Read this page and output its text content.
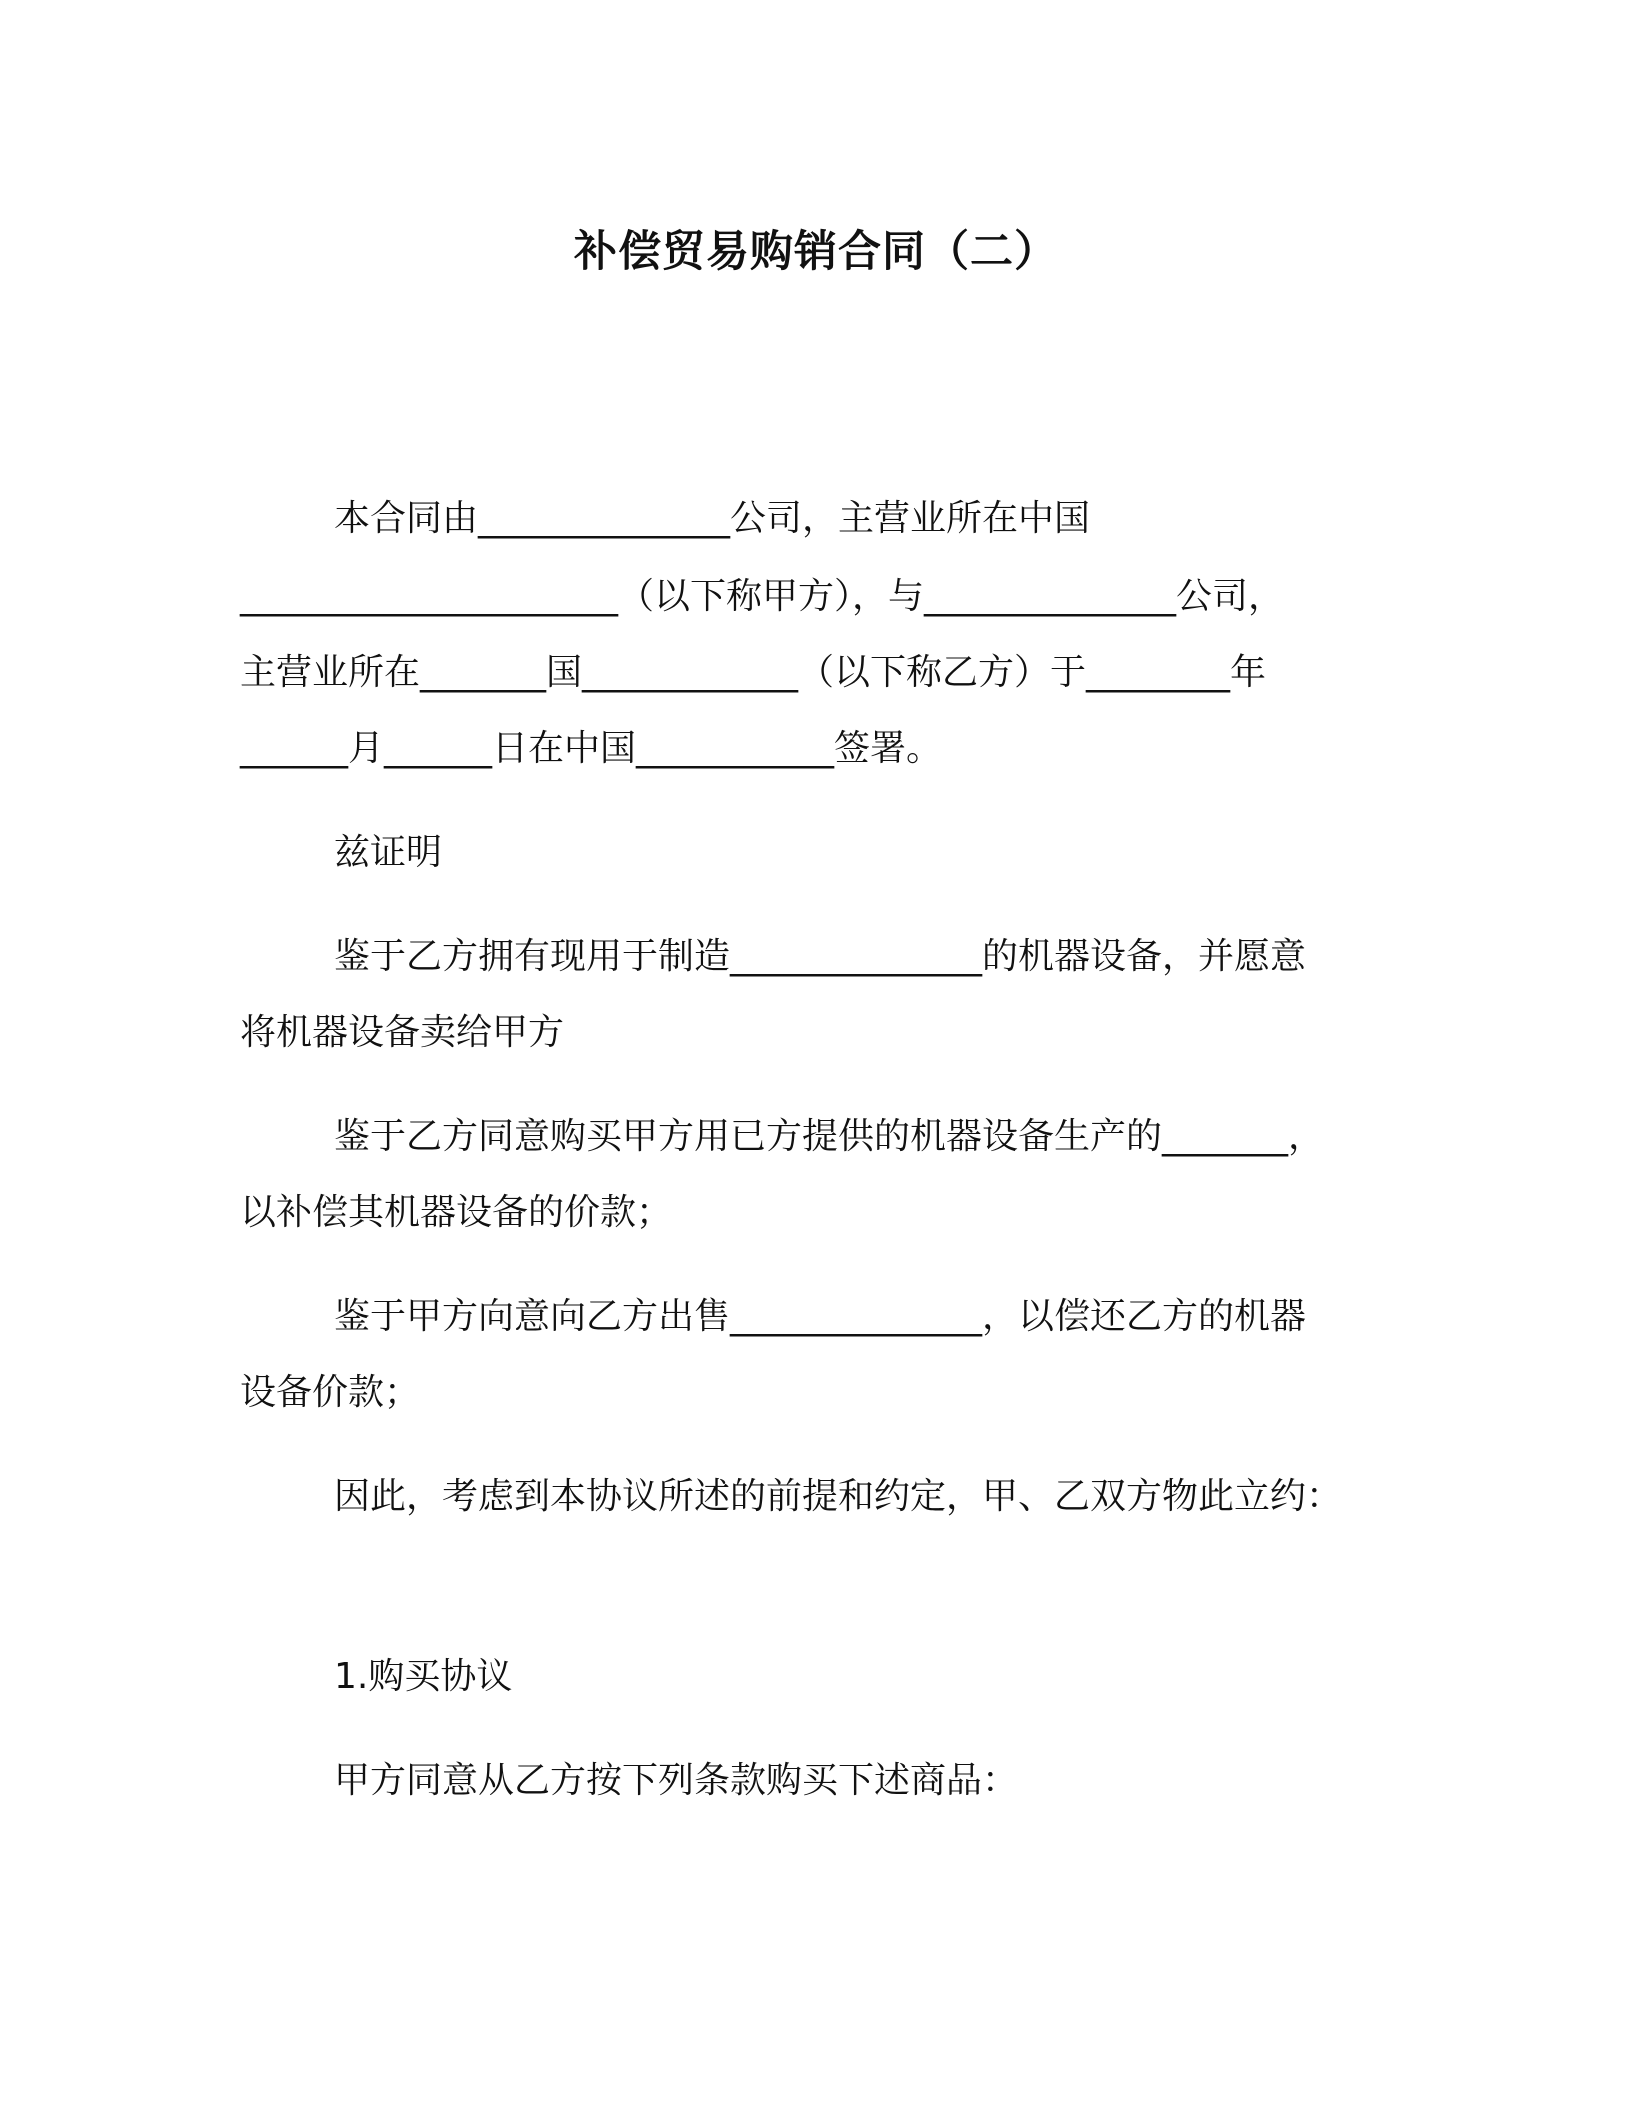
补偿贸易购销合同（二）
本合同由______________公司，主营业所在中国
_____________________（以下称甲方），与______________公司，
主营业所在_______国____________（以下称乙方）于________年
______月______日在中国___________签署。
兹证明
鉴于乙方拥有现用于制造______________的机器设备，并愿意
将机器设备卖给甲方
鉴于乙方同意购买甲方用已方提供的机器设备生产的_______，
以补偿其机器设备的价款；
鉴于甲方向意向乙方出售______________，以偿还乙方的机器
设备价款；
因此，考虑到本协议所述的前提和约定，甲、乙双方物此立约：
1.购买协议
甲方同意从乙方按下列条款购买下述商品：
